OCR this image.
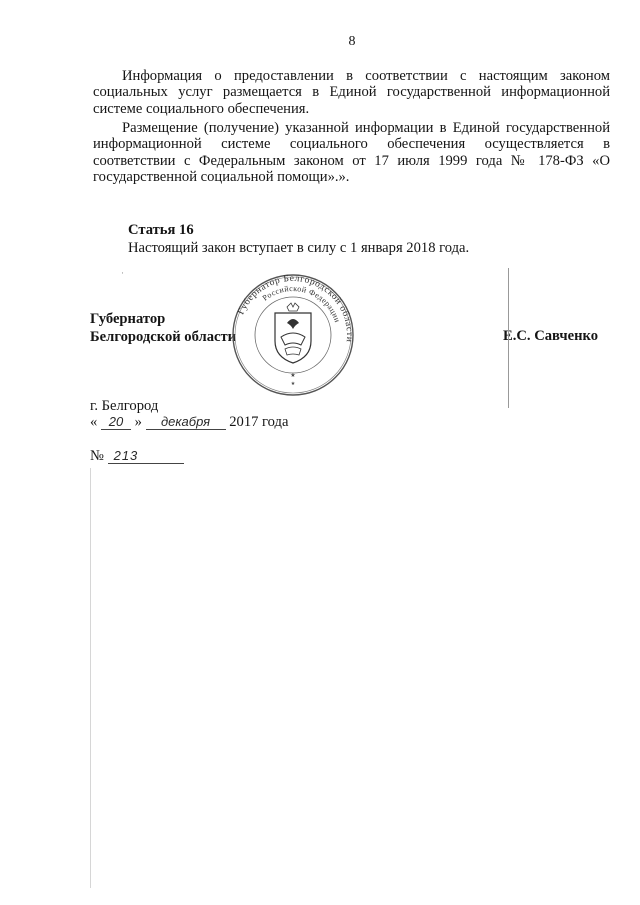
8

Информация о предоставлении в соответствии с настоящим законом социальных услуг размещается в Единой государственной информационной системе социального обеспечения.

Размещение (получение) указанной информации в Единой государственной информационной системе социального обеспечения осуществляется в соответствии с Федеральным законом от 17 июля 1999 года № 178-ФЗ «О государственной социальной помощи».».

Статья 16
Настоящий закон вступает в силу с 1 января 2018 года.
·
Губернатор
Белгородской области
Губернатор Белгородской области
Российской Федерации
★
★
Е.С. Савченко
г. Белгород
« 20 » декабря 2017 года
№ 213
